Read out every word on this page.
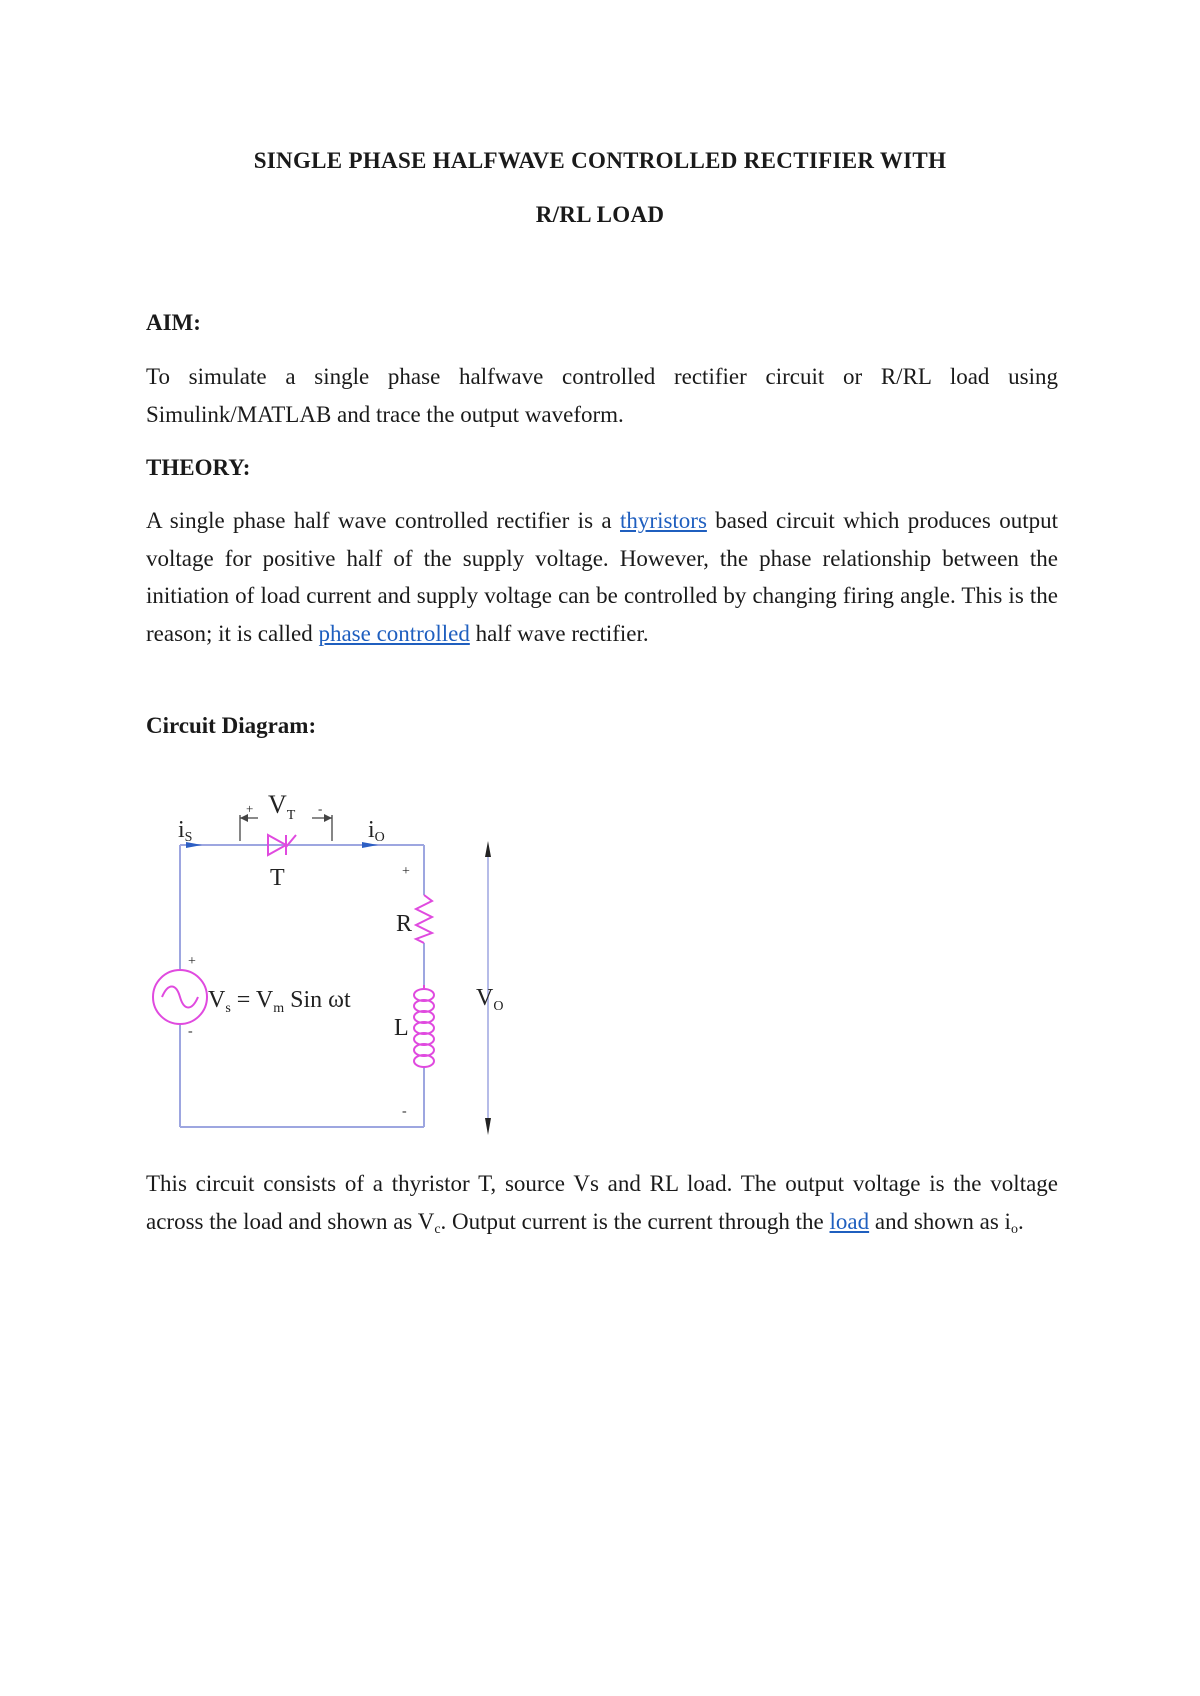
SINGLE PHASE HALFWAVE CONTROLLED RECTIFIER WITH
R/RL LOAD
AIM:
To simulate a single phase halfwave controlled rectifier circuit or R/RL load using Simulink/MATLAB and trace the output waveform.
THEORY:
A single phase half wave controlled rectifier is a thyristors based circuit which produces output voltage for positive half of the supply voltage. However, the phase relationship between the initiation of load current and supply voltage can be controlled by changing firing angle. This is the reason; it is called phase controlled half wave rectifier.
Circuit Diagram:
$V_T$
+	-
iS	iO
T	+
R
L
-
+
-
$V_s = V_m$ Sin ωt	$V_O$
This circuit consists of a thyristor T, source Vs and RL load. The output voltage is the voltage across the load and shown as $V_c$. Output current is the current through the load and shown as $i_o$.
